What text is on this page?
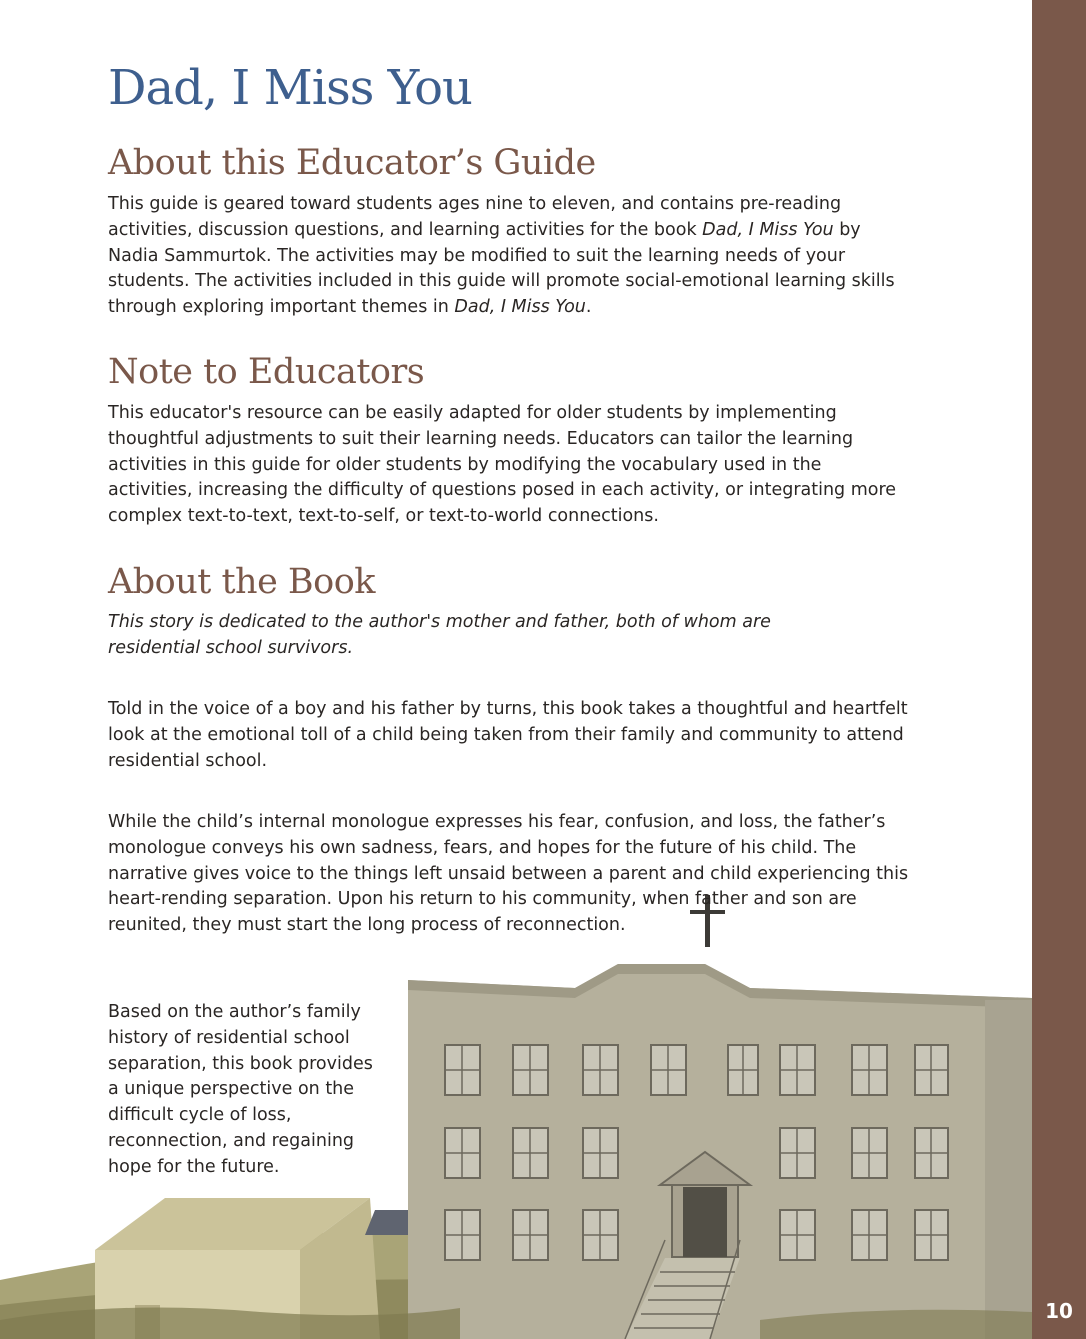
10
Dad, I Miss You
About this Educator’s Guide

This guide is geared toward students ages nine to eleven, and contains pre-reading activities, discussion questions, and learning activities for the book Dad, I Miss You by Nadia Sammurtok. The activities may be modified to suit the learning needs of your students. The activities included in this guide will promote social-emotional learning skills through exploring important themes in Dad, I Miss You.

Note to Educators

This educator's resource can be easily adapted for older students by implementing thoughtful adjustments to suit their learning needs. Educators can tailor the learning activities in this guide for older students by modifying the vocabulary used in the activities, increasing the difficulty of questions posed in each activity, or integrating more complex text-to-text, text-to-self, or text-to-world connections.

About the Book

This story is dedicated to the author's mother and father, both of whom are residential school survivors.

Told in the voice of a boy and his father by turns, this book takes a thoughtful and heartfelt look at the emotional toll of a child being taken from their family and community to attend residential school.

While the child’s internal monologue expresses his fear, confusion, and loss, the father’s monologue conveys his own sadness, fears, and hopes for the future of his child. The narrative gives voice to the things left unsaid between a parent and child experiencing this heart-rending separation. Upon his return to his community, when father and son are reunited, they must start the long process of reconnection.

Based on the author’s family history of residential school separation, this book provides a unique perspective on the difficult cycle of loss, reconnection, and regaining hope for the future.
